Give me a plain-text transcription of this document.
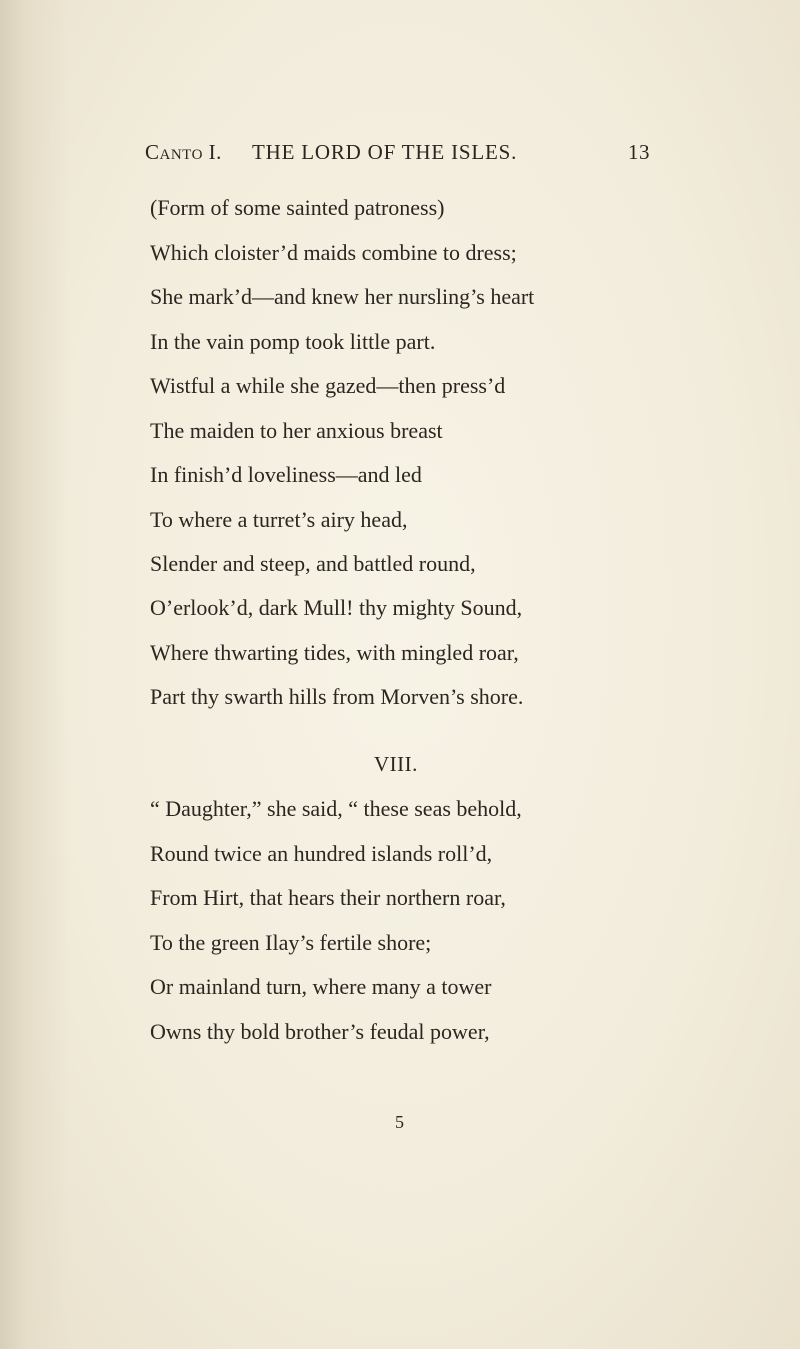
Canto I. THE LORD OF THE ISLES.	13
(Form of some sainted patroness)
Which cloister’d maids combine to dress;
She mark’d—and knew her nursling’s heart
In the vain pomp took little part.
Wistful a while she gazed—then press’d
The maiden to her anxious breast
In finish’d loveliness—and led
To where a turret’s airy head,
Slender and steep, and battled round,
O’erlook’d, dark Mull! thy mighty Sound,
Where thwarting tides, with mingled roar,
Part thy swarth hills from Morven’s shore.
VIII.
“ Daughter,” she said, “ these seas behold,
Round twice an hundred islands roll’d,
From Hirt, that hears their northern roar,
To the green Ilay’s fertile shore;
Or mainland turn, where many a tower
Owns thy bold brother’s feudal power,
5
